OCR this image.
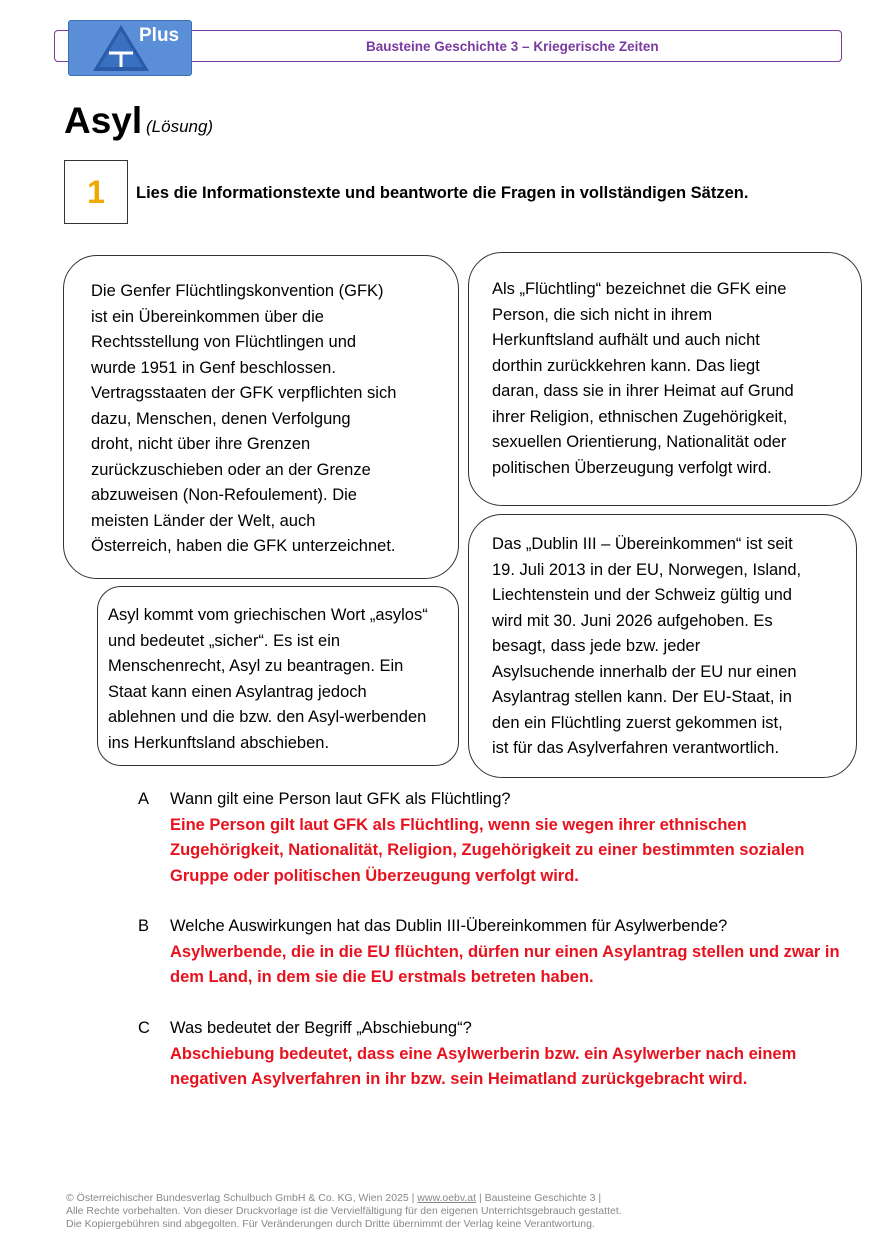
Bausteine Geschichte 3 – Kriegerische Zeiten
Plus
Asyl (Lösung)
1	Lies die Informationstexte und beantworte die Fragen in vollständigen Sätzen.

Die Genfer Flüchtlingskonvention (GFK)

ist ein Übereinkommen über die

Rechtsstellung von Flüchtlingen und

wurde 1951 in Genf beschlossen.

Vertragsstaaten der GFK verpflichten sich

dazu, Menschen, denen Verfolgung

droht, nicht über ihre Grenzen

zurückzuschieben oder an der Grenze

abzuweisen (Non-Refoulement). Die

meisten Länder der Welt, auch

Österreich, haben die GFK unterzeichnet.

Als „Flüchtling“ bezeichnet die GFK eine

Person, die sich nicht in ihrem

Herkunftsland aufhält und auch nicht

dorthin zurückkehren kann. Das liegt

daran, dass sie in ihrer Heimat auf Grund

ihrer Religion, ethnischen Zugehörigkeit,

sexuellen Orientierung, Nationalität oder

politischen Überzeugung verfolgt wird.

Das „Dublin III – Übereinkommen“ ist seit

19. Juli 2013 in der EU, Norwegen, Island,

Liechtenstein und der Schweiz gültig und

wird mit 30. Juni 2026 aufgehoben. Es

besagt, dass jede bzw. jeder

Asylsuchende innerhalb der EU nur einen

Asylantrag stellen kann. Der EU-Staat, in

den ein Flüchtling zuerst gekommen ist,

ist für das Asylverfahren verantwortlich.

Asyl kommt vom griechischen Wort „asylos“

und bedeutet „sicher“. Es ist ein

Menschenrecht, Asyl zu beantragen. Ein

Staat kann einen Asylantrag jedoch

ablehnen und die bzw. den Asyl-werbenden

ins Herkunftsland abschieben.

A Wann gilt eine Person laut GFK als Flüchtling?
Eine Person gilt laut GFK als Flüchtling, wenn sie wegen ihrer ethnischen Zugehörigkeit, Nationalität, Religion, Zugehörigkeit zu einer bestimmten sozialen Gruppe oder politischen Überzeugung verfolgt wird.
B Welche Auswirkungen hat das Dublin III-Übereinkommen für Asylwerbende?
Asylwerbende, die in die EU flüchten, dürfen nur einen Asylantrag stellen und zwar in dem Land, in dem sie die EU erstmals betreten haben.
C Was bedeutet der Begriff „Abschiebung“?
Abschiebung bedeutet, dass eine Asylwerberin bzw. ein Asylwerber nach einem negativen Asylverfahren in ihr bzw. sein Heimatland zurückgebracht wird.
© Österreichischer Bundesverlag Schulbuch GmbH & Co. KG, Wien 2025 | www.oebv.at | Bausteine Geschichte 3 |
Alle Rechte vorbehalten. Von dieser Druckvorlage ist die Vervielfältigung für den eigenen Unterrichtsgebrauch gestattet.
Die Kopiergebühren sind abgegolten. Für Veränderungen durch Dritte übernimmt der Verlag keine Verantwortung.
